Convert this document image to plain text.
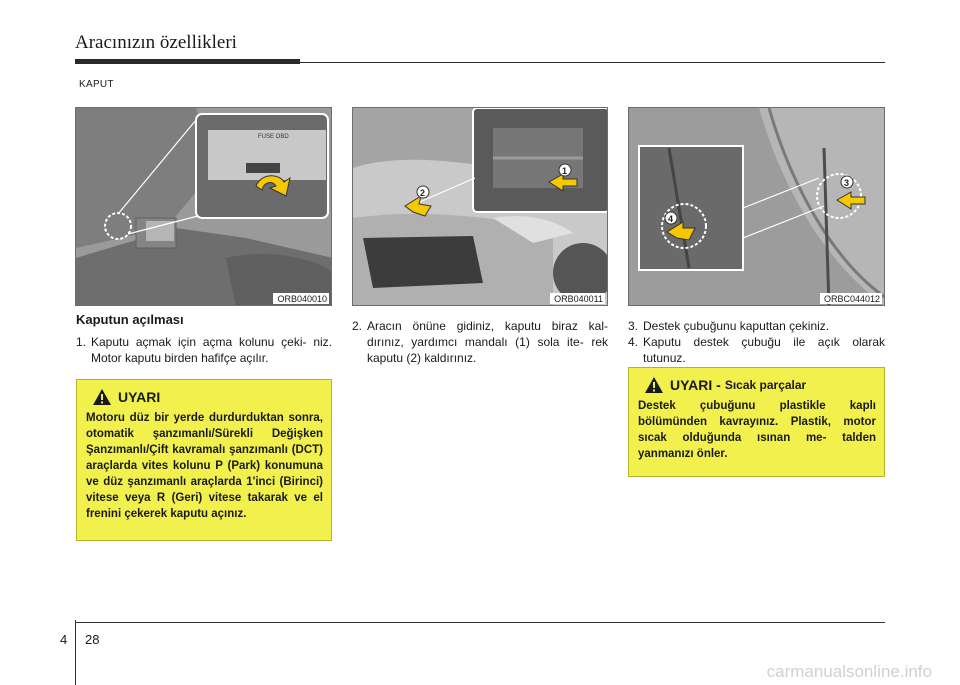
Aracınızın özellikleri
KAPUT
FUSE OBD
ORB040010
2
1
ORB040011
3
4
ORBC044012
Kaputun açılması
1. Kaputu açmak için açma kolunu çeki- niz. Motor kaputu birden hafifçe açılır.
2. Aracın önüne gidiniz, kaputu biraz kal- dırınız, yardımcı mandalı (1) sola ite- rek kaputu (2) kaldırınız.
3. Destek çubuğunu kaputtan çekiniz.
4. Kaputu destek çubuğu ile açık olarak tutunuz.
UYARI
Motoru düz bir yerde durdurduktan sonra, otomatik şanzımanlı/Sürekli Değişken Şanzımanlı/Çift kavramalı şanzımanlı (DCT) araçlarda vites kolunu P (Park) konumuna ve düz şanzımanlı araçlarda 1'inci (Birinci) vitese veya R (Geri) vitese takarak ve el frenini çekerek kaputu açınız.
UYARI - Sıcak parçalar
Destek çubuğunu plastikle kaplı bölümünden kavrayınız. Plastik, motor sıcak olduğunda ısınan me- talden yanmanızı önler.
4 28
carmanualsonline.info
